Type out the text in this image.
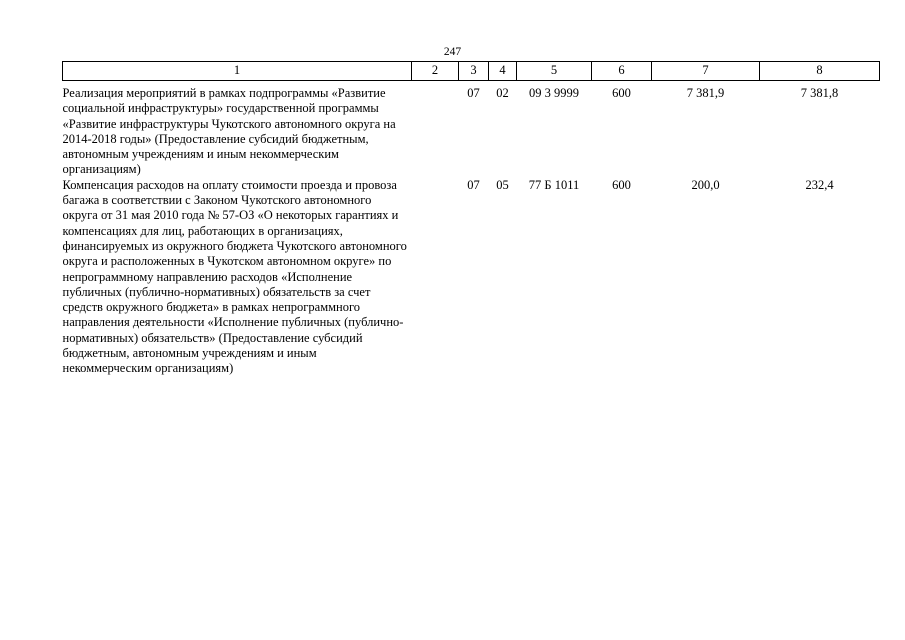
247
1	2	3	4	5	6	7	8
Реализация мероприятий в рамках подпрограммы «Развитие социальной инфраструктуры» государственной программы «Развитие инфраструктуры Чукотского автономного округа на 2014-2018 годы» (Предоставление субсидий бюджетным, автономным учреждениям и иным некоммерческим организациям)		07	02	09 3 9999	600	7 381,9	7 381,8
Компенсация расходов на оплату стоимости проезда и провоза багажа в соответствии с Законом Чукотского автономного округа от 31 мая 2010 года № 57-ОЗ «О некоторых гарантиях и компенсациях для лиц, работающих в организациях, финансируемых из окружного бюджета Чукотского автономного округа и расположенных в Чукотском автономном округе» по непрограммному направлению расходов «Исполнение публичных (публично-нормативных) обязательств за счет средств окружного бюджета» в рамках непрограммного направления деятельности «Исполнение публичных (публично-нормативных) обязательств» (Предоставление субсидий бюджетным, автономным учреждениям и иным некоммерческим организациям)		07	05	77 Б 1011	600	200,0	232,4
